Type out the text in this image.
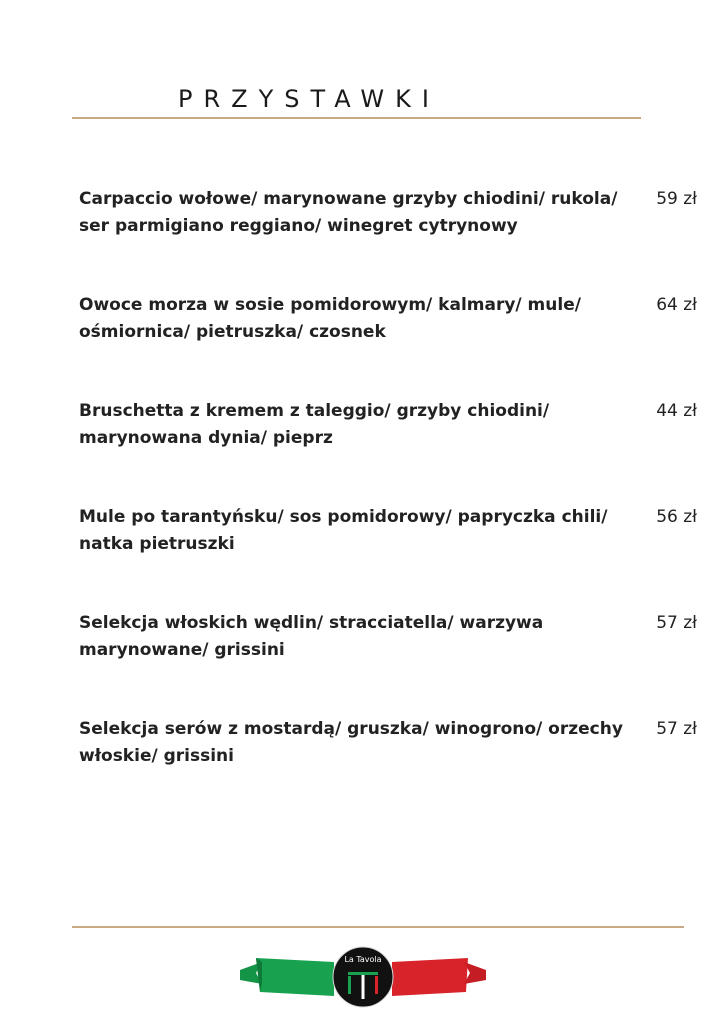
PRZYSTAWKI
Carpaccio wołowe/ marynowane grzyby chiodini/ rukola/ ser parmigiano reggiano/ winegret cytrynowy
59 zł
Owoce morza w sosie pomidorowym/ kalmary/ mule/ ośmiornica/ pietruszka/ czosnek
64 zł
Bruschetta z kremem z taleggio/ grzyby chiodini/ marynowana dynia/ pieprz
44 zł
Mule po tarantyńsku/ sos pomidorowy/ papryczka chili/ natka pietruszki
56 zł
Selekcja włoskich wędlin/ stracciatella/ warzywa marynowane/ grissini
57 zł
Selekcja serów z mostardą/ gruszka/ winogrono/ orzechy włoskie/ grissini
57 zł
La Tavola
